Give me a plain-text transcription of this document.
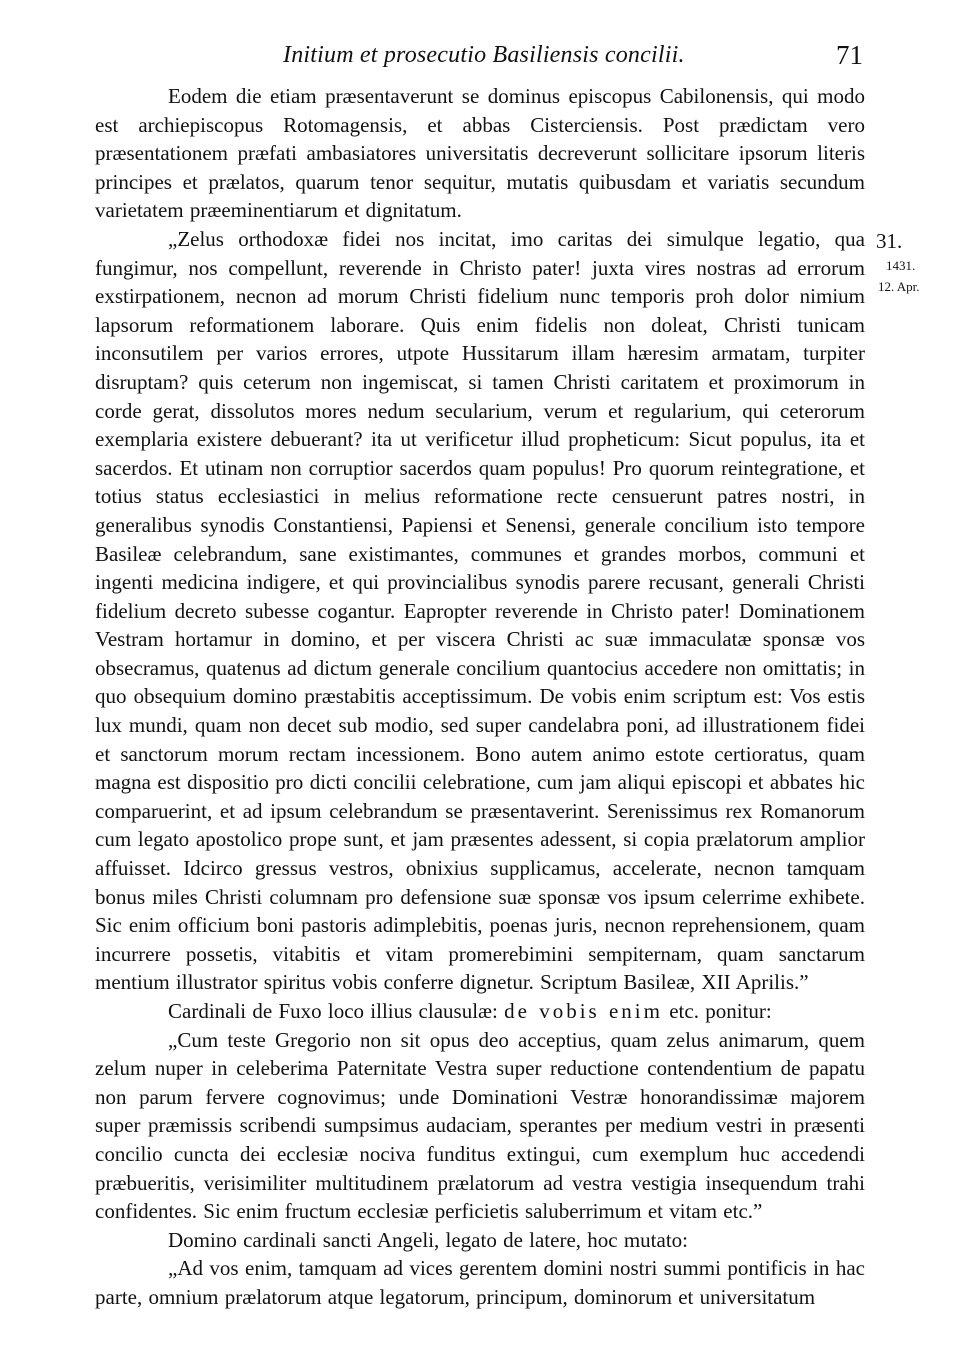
Initium et prosecutio Basiliensis concilii.	71
31.
1431.
12. Apr.

Eodem die etiam præsentaverunt se dominus episcopus Cabilonensis, qui modo est archiepiscopus Rotomagensis, et abbas Cisterciensis. Post prædictam vero præsentationem præfati ambasiatores universitatis decreverunt sollicitare ipsorum literis principes et prælatos, quarum tenor sequitur, mutatis quibusdam et variatis secundum varietatem præeminentiarum et dignitatum.

„Zelus orthodoxæ fidei nos incitat, imo caritas dei simulque legatio, qua fungimur, nos compellunt, reverende in Christo pater! juxta vires nostras ad errorum exstirpationem, necnon ad morum Christi fidelium nunc temporis proh dolor nimium lapsorum reformationem laborare. Quis enim fidelis non doleat, Christi tunicam inconsutilem per varios errores, utpote Hussitarum illam hæresim armatam, turpiter disruptam? quis ceterum non ingemiscat, si tamen Christi caritatem et proximorum in corde gerat, dissolutos mores nedum secularium, verum et regularium, qui ceterorum exemplaria existere debuerant? ita ut verificetur illud propheticum: Sicut populus, ita et sacerdos. Et utinam non corruptior sacerdos quam populus! Pro quorum reintegratione, et totius status ecclesiastici in melius reformatione recte censuerunt patres nostri, in generalibus synodis Constantiensi, Papiensi et Senensi, generale concilium isto tempore Basileæ celebrandum, sane existimantes, communes et grandes morbos, communi et ingenti medicina indigere, et qui provincialibus synodis parere recusant, generali Christi fidelium decreto subesse cogantur. Eapropter reverende in Christo pater! Dominationem Vestram hortamur in domino, et per viscera Christi ac suæ immaculatæ sponsæ vos obsecramus, quatenus ad dictum generale concilium quantocius accedere non omittatis; in quo obsequium domino præstabitis acceptissimum. De vobis enim scriptum est: Vos estis lux mundi, quam non decet sub modio, sed super candelabra poni, ad illustrationem fidei et sanctorum morum rectam incessionem. Bono autem animo estote certioratus, quam magna est dispositio pro dicti concilii celebratione, cum jam aliqui episcopi et abbates hic comparuerint, et ad ipsum celebrandum se præsentaverint. Serenissimus rex Romanorum cum legato apostolico prope sunt, et jam præsentes adessent, si copia prælatorum amplior affuisset. Idcirco gressus vestros, obnixius supplicamus, accelerate, necnon tamquam bonus miles Christi columnam pro defensione suæ sponsæ vos ipsum celerrime exhibete. Sic enim officium boni pastoris adimplebitis, poenas juris, necnon reprehensionem, quam incurrere possetis, vitabitis et vitam promerebimini sempiternam, quam sanctarum mentium illustrator spiritus vobis conferre dignetur. Scriptum Basileæ, XII Aprilis.”

Cardinali de Fuxo loco illius clausulæ: de vobis enim etc. ponitur:

„Cum teste Gregorio non sit opus deo acceptius, quam zelus animarum, quem zelum nuper in celeberima Paternitate Vestra super reductione contendentium de papatu non parum fervere cognovimus; unde Dominationi Vestræ honorandissimæ majorem super præmissis scribendi sumpsimus audaciam, sperantes per medium vestri in præsenti concilio cuncta dei ecclesiæ nociva funditus extingui, cum exemplum huc accedendi præbueritis, verisimiliter multitudinem prælatorum ad vestra vestigia insequendum trahi confidentes. Sic enim fructum ecclesiæ perficietis saluberrimum et vitam etc.”

Domino cardinali sancti Angeli, legato de latere, hoc mutato:

„Ad vos enim, tamquam ad vices gerentem domini nostri summi pontificis in hac parte, omnium prælatorum atque legatorum, principum, dominorum et universitatum
